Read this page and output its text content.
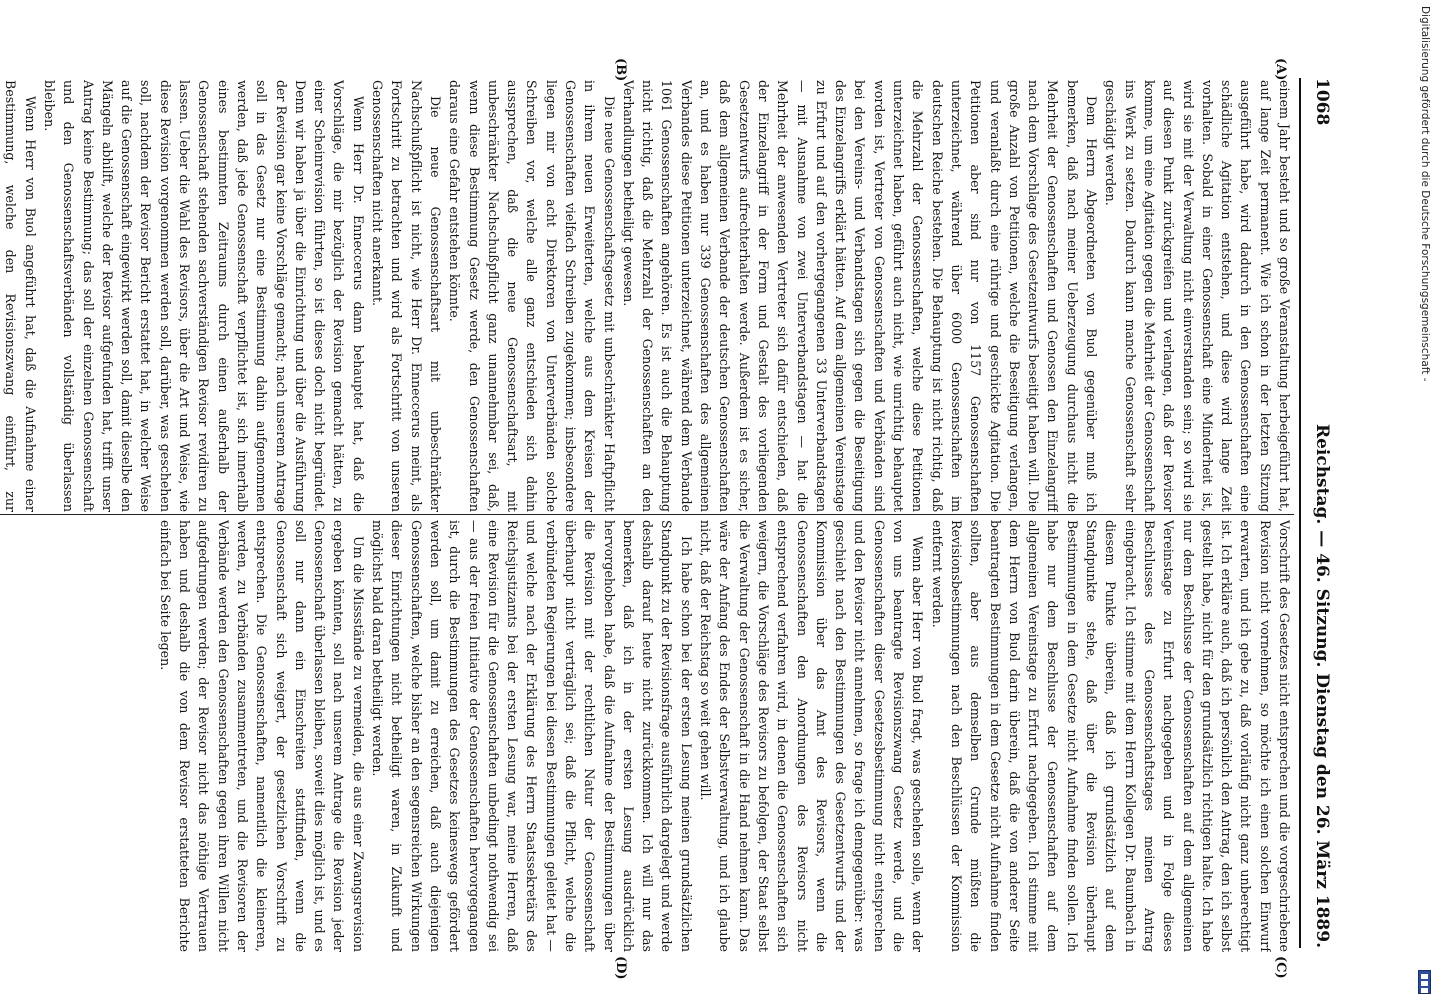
1068
Reichstag. — 46. Sitzung. Dienstag den 26. März 1889.
(A)
(B)
(C)
(D)

einem Jahr besteht und so große Veranstaltung herbeigeführt hat, auf lange Zeit permanent. Wie ich schon in der letzten Sitzung ausgeführt habe, wird dadurch in den Genossenschaften eine schädliche Agitation entstehen, und diese wird lange Zeit vorhalten. Sobald in einer Genossenschaft eine Minderheit ist, wird sie mit der Verwaltung nicht einverstanden sein; so wird sie auf diesen Punkt zurückgreifen und verlangen, daß der Revisor komme, um eine Agitation gegen die Mehrheit der Genossenschaft ins Werk zu setzen. Dadurch kann manche Genossenschaft sehr geschädigt werden.

Dem Herrn Abgeordneten von Buol gegenüber muß ich bemerken, daß nach meiner Ueberzeugung durchaus nicht die Mehrheit der Genossenschaften und Genossen den Einzelangriff nach dem Vorschlage des Gesetzentwurfs beseitigt haben will. Die große Anzahl von Petitionen, welche die Beseitigung verlangen, und veranlaßt durch eine rührige und geschickte Agitation. Die Petitionen aber sind nur von 1157 Genossenschaften unterzeichnet, während über 6000 Genossenschaften im deutschen Reiche bestehen. Die Behauptung ist nicht richtig, daß die Mehrzahl der Genossenschaften, welche diese Petitionen unterzeichnet haben, geführt auch nicht, wie unrichtig behauptet worden ist, Vertreter von Genossenschaften und Verbänden sind bei den Vereins- und Verbandstagen sich gegen die Beseitigung des Einzelangriffs erklärt hätten. Auf dem allgemeinen Vereinstage zu Erfurt und auf den vorhergegangenen 33 Unterverbandstagen — mit Ausnahme von zwei Unterverbandstagen — hat die Mehrheit der anwesenden Vertreter sich dafür entschieden, daß der Einzelangriff in der Form und Gestalt des vorliegenden Gesetzentwurfs aufrechterhalten werde. Außerdem ist es sicher, daß dem allgemeinen Verbande der deutschen Genossenschaften an, und es haben nur 339 Genossenschaften des allgemeinen Verbandes diese Petitionen unterzeichnet, während dem Verbande 1061 Genossenschaften angehören. Es ist auch die Behauptung nicht richtig, daß die Mehrzahl der Genossenschaften an den Verhandlungen betheiligt gewesen.

Die neue Genossenschaftsgesetz mit unbeschränkter Haftpflicht in ihrem neuen Erweiterten, welche aus dem Kreisen der Genossenschaften vielfach Schreiben zugekommen; insbesondere liegen mir von acht Direktoren von Unterverbänden solche Schreiben vor, welche alle ganz entschieden sich dahin aussprechen, daß die neue Genossenschaftsart, mit unbeschränkter Nachschußpflicht ganz unannehmbar sei, daß, wenn diese Bestimmung Gesetz werde, den Genossenschaften daraus eine Gefahr entstehen könnte.

Die neue Genossenschaftsart mit unbeschränkter Nachschußpflicht ist nicht, wie Herr Dr. Enneccerus meint, als Fortschritt zu betrachten und wird als Fortschritt von unseren Genossenschaften nicht anerkannt.

Wenn Herr Dr. Enneccerus dann behauptet hat, daß die Vorschläge, die mir bezüglich der Revision gemacht hätten, zu einer Scheinrevision führten, so ist dieses doch nicht begründet. Denn wir haben ja über die Einrichtung und über die Ausführung der Revision gar keine Vorschläge gemacht; nach unserem Antrage soll in das Gesetz nur eine Bestimmung dahin aufgenommen werden, daß jede Genossenschaft verpflichtet ist, sich innerhalb eines bestimmten Zeitraums durch einen außerhalb der Genossenschaft stehenden sachverständigen Revisor revidiren zu lassen. Ueber die Wahl des Revisors, über die Art und Weise, wie diese Revision vorgenommen werden soll, darüber, was geschehen soll, nachdem der Revisor Bericht erstattet hat, in welcher Weise auf die Genossenschaft eingewirkt werden soll, damit dieselbe den Mängeln abhilft, welche der Revisor aufgefunden hat, trifft unser Antrag keine Bestimmung; das soll der einzelnen Genossenschaft und den Genossenschaftsverbänden vollständig überlassen bleiben.

Wenn Herr von Buol angeführt hat, daß die Aufnahme einer Bestimmung, welche den Revisionszwang einführt, zur

Vorschrift des Gesetzes nicht entsprechen und die vorgeschriebene Revision nicht vornehmen, so möchte ich einen solchen Einwurf erwarten, und ich gebe zu, daß vorläufig nicht ganz unberechtigt ist. Ich erkläre auch, daß ich persönlich den Antrag, den ich selbst gestellt habe, nicht für den grundsätzlich richtigen halte. Ich habe nur dem Beschlusse der Genossenschaften auf dem allgemeinen Vereinstage zu Erfurt nachgegeben und in Folge dieses Beschlusses des Genossenschaftstages meinen Antrag eingebracht. Ich stimme mit dem Herrn Kollegen Dr. Baumbach in diesem Punkte überein, daß ich grundsätzlich auf dem Standpunkte stehe, daß über die Revision überhaupt Bestimmungen in dem Gesetze nicht Aufnahme finden sollen. Ich habe nur dem Beschlusse der Genossenschaften auf dem allgemeinen Vereinstage zu Erfurt nachgegeben. Ich stimme mit dem Herrn von Buol darin überein, daß die von anderer Seite beantragten Bestimmungen in dem Gesetze nicht Aufnahme finden sollten, aber aus demselben Grunde müßten die Revisionsbestimmungen nach den Beschlüssen der Kommission entfernt werden.

Wenn aber Herr von Buol fragt, was geschehen solle, wenn der von uns beantragte Revisionszwang Gesetz werde, und die Genossenschaften dieser Gesetzesbestimmung nicht entsprechen und den Revisor nicht annehmen, so frage ich demgegenüber: was geschieht nach den Bestimmungen des Gesetzentwurfs und der Kommission über das Amt des Revisors, wenn die Genossenschaften den Anordnungen des Revisors nicht entsprechend verfahren wird, in denen die Genossenschaften sich weigern, die Vorschläge des Revisors zu befolgen, der Staat selbst die Verwaltung der Genossenschaft in die Hand nehmen kann. Das wäre der Anfang des Endes der Selbstverwaltung, und ich glaube nicht, daß der Reichstag so weit gehen will.

Ich habe schon bei der ersten Lesung meinen grundsätzlichen Standpunkt zu der Revisionsfrage ausführlich dargelegt und werde deshalb darauf heute nicht zurückkommen. Ich will nur das bemerken, daß ich in der ersten Lesung ausdrücklich hervorgehoben habe, daß die Aufnahme der Bestimmungen über die Revision mit der rechtlichen Natur der Genossenschaft überhaupt nicht verträglich sei; daß die Pflicht, welche die verbündeten Regierungen bei diesen Bestimmungen geleitet hat — und welche nach der Erklärung des Herrn Staatssekretärs des Reichsjustizamts bei der ersten Lesung war, meine Herren, daß eine Revision für die Genossenschaften unbedingt nothwendig sei — aus der freien Initiative der Genossenschaften hervorgegangen ist, durch die Bestimmungen des Gesetzes keineswegs gefördert werden soll, um damit zu erreichen, daß auch diejenigen Genossenschaften, welche bisher an den segensreichen Wirkungen dieser Einrichtungen nicht betheiligt waren, in Zukunft und möglichst bald daran betheiligt werden.

Um die Missstände zu vermeiden, die aus einer Zwangsrevision ergeben könnten, soll nach unserem Antrage die Revision jeder Genossenschaft überlassen bleiben, soweit dies möglich ist, und es soll nur dann ein Einschreiten stattfinden, wenn die Genossenschaft sich weigert, der gesetzlichen Vorschrift zu entsprechen. Die Genossenschaften, namentlich die kleineren, werden, zu Verbänden zusammentreten, und die Revisoren der Verbände werden den Genossenschaften gegen ihren Willen nicht aufgedrungen werden; der Revisor nicht das nöthige Vertrauen haben und deshalb die von dem Revisor erstatteten Berichte einfach bei Seite legen.

Digitalisierung gefördert durch die Deutsche Forschungsgemeinschaft -
